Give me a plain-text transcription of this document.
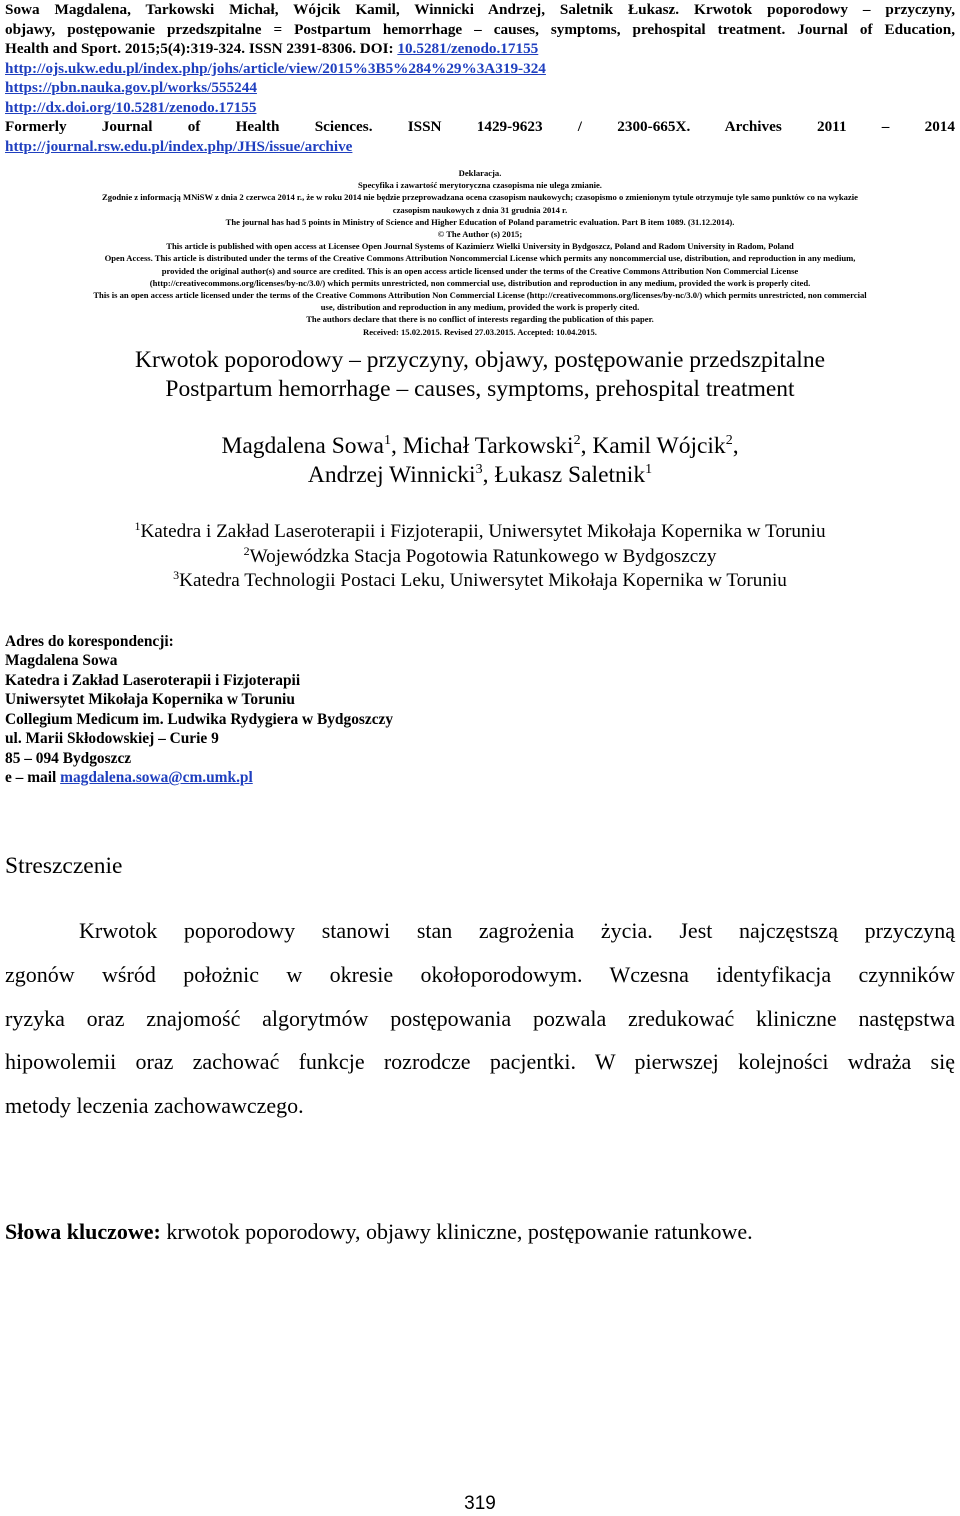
Sowa Magdalena, Tarkowski Michał, Wójcik Kamil, Winnicki Andrzej, Saletnik Łukasz. Krwotok poporodowy – przyczyny,
objawy, postępowanie przedszpitalne = Postpartum hemorrhage – causes, symptoms, prehospital treatment. Journal of Education,
Health and Sport. 2015;5(4):319-324. ISSN 2391-8306. DOI: 10.5281/zenodo.17155
http://ojs.ukw.edu.pl/index.php/johs/article/view/2015%3B5%284%29%3A319-324
https://pbn.nauka.gov.pl/works/555244
http://dx.doi.org/10.5281/zenodo.17155
Formerly Journal of Health Sciences. ISSN 1429-9623 / 2300-665X. Archives 2011 – 2014
http://journal.rsw.edu.pl/index.php/JHS/issue/archive
Deklaracja.
Specyfika i zawartość merytoryczna czasopisma nie ulega zmianie.
Zgodnie z informacją MNiSW z dnia 2 czerwca 2014 r., że w roku 2014 nie będzie przeprowadzana ocena czasopism naukowych; czasopismo o zmienionym tytule otrzymuje tyle samo punktów co na wykazie
czasopism naukowych z dnia 31 grudnia 2014 r.
The journal has had 5 points in Ministry of Science and Higher Education of Poland parametric evaluation. Part B item 1089. (31.12.2014).
© The Author (s) 2015;
This article is published with open access at Licensee Open Journal Systems of Kazimierz Wielki University in Bydgoszcz, Poland and Radom University in Radom, Poland
Open Access. This article is distributed under the terms of the Creative Commons Attribution Noncommercial License which permits any noncommercial use, distribution, and reproduction in any medium,
provided the original author(s) and source are credited. This is an open access article licensed under the terms of the Creative Commons Attribution Non Commercial License
(http://creativecommons.org/licenses/by-nc/3.0/) which permits unrestricted, non commercial use, distribution and reproduction in any medium, provided the work is properly cited.
This is an open access article licensed under the terms of the Creative Commons Attribution Non Commercial License (http://creativecommons.org/licenses/by-nc/3.0/) which permits unrestricted, non commercial
use, distribution and reproduction in any medium, provided the work is properly cited.
The authors declare that there is no conflict of interests regarding the publication of this paper.
Received: 15.02.2015. Revised 27.03.2015. Accepted: 10.04.2015.
Krwotok poporodowy – przyczyny, objawy, postępowanie przedszpitalne
Postpartum hemorrhage – causes, symptoms, prehospital treatment
Magdalena Sowa$^1$, Michał Tarkowski$^2$, Kamil Wójcik$^2$,
Andrzej Winnicki$^3$, Łukasz Saletnik$^1$
$^1$Katedra i Zakład Laseroterapii i Fizjoterapii, Uniwersytet Mikołaja Kopernika w Toruniu
$^2$Wojewódzka Stacja Pogotowia Ratunkowego w Bydgoszczy
$^3$Katedra Technologii Postaci Leku, Uniwersytet Mikołaja Kopernika w Toruniu
Adres do korespondencji:
Magdalena Sowa
Katedra i Zakład Laseroterapii i Fizjoterapii
Uniwersytet Mikołaja Kopernika w Toruniu
Collegium Medicum im. Ludwika Rydygiera w Bydgoszczy
ul. Marii Skłodowskiej – Curie 9
85 – 094 Bydgoszcz
e – mail magdalena.sowa@cm.umk.pl
Streszczenie
Krwotok poporodowy stanowi stan zagrożenia życia. Jest najczęstszą przyczyną
zgonów wśród położnic w okresie okołoporodowym. Wczesna identyfikacja czynników
ryzyka oraz znajomość algorytmów postępowania pozwala zredukować kliniczne następstwa
hipowolemii oraz zachować funkcje rozrodcze pacjentki. W pierwszej kolejności wdraża się
metody leczenia zachowawczego.
Słowa kluczowe: krwotok poporodowy, objawy kliniczne, postępowanie ratunkowe.
319
